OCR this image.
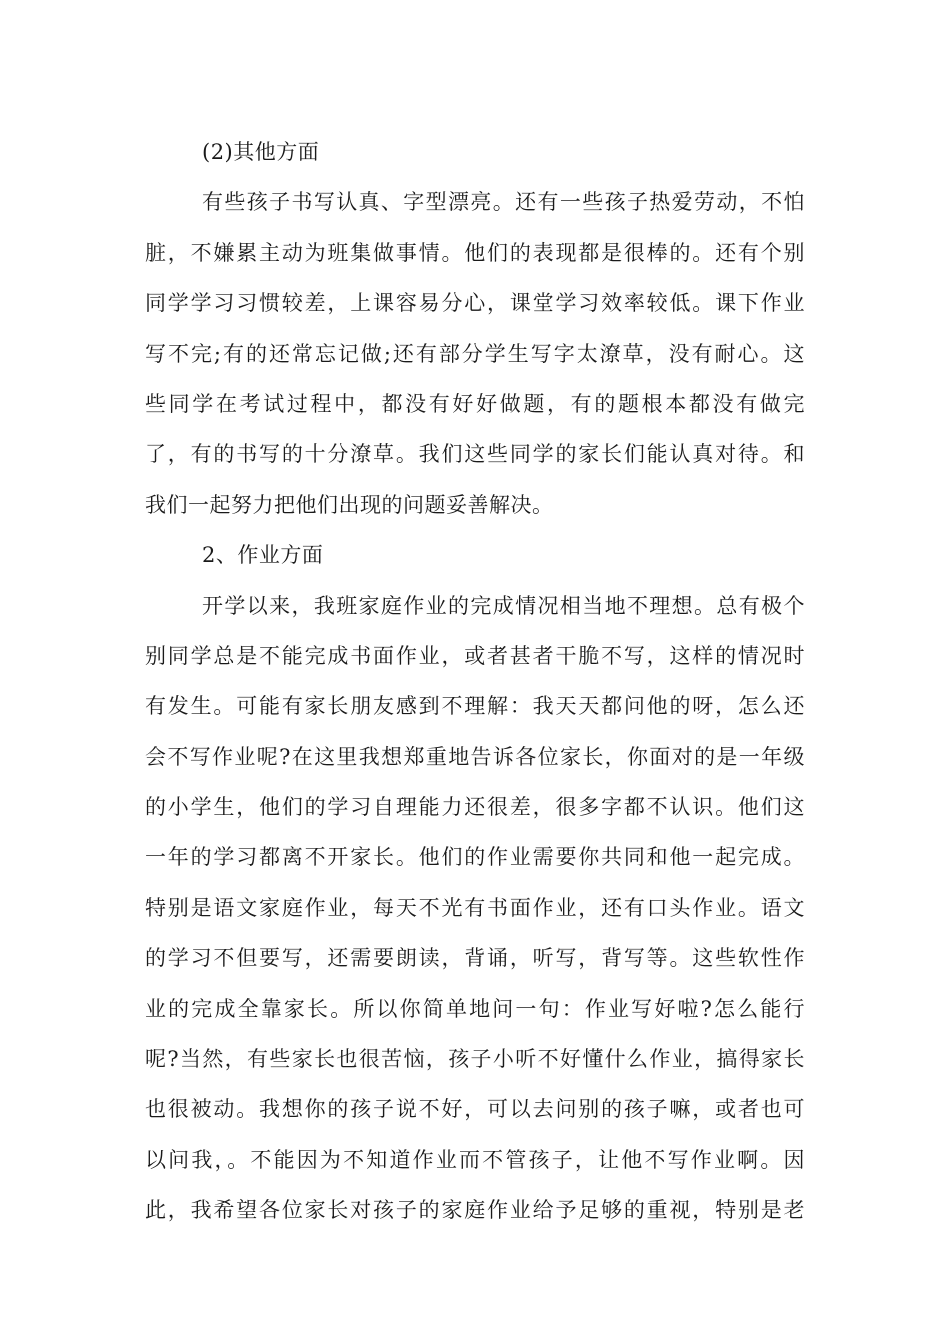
(2)其他方面
有些孩子书写认真、字型漂亮。还有一些孩子热爱劳动，不怕
脏，不嫌累主动为班集做事情。他们的表现都是很棒的。还有个别
同学学习习惯较差，上课容易分心，课堂学习效率较低。课下作业
写不完;有的还常忘记做;还有部分学生写字太潦草，没有耐心。这
些同学在考试过程中，都没有好好做题，有的题根本都没有做完
了，有的书写的十分潦草。我们这些同学的家长们能认真对待。和
我们一起努力把他们出现的问题妥善解决。
2、作业方面
开学以来，我班家庭作业的完成情况相当地不理想。总有极个
别同学总是不能完成书面作业，或者甚者干脆不写，这样的情况时
有发生。可能有家长朋友感到不理解：我天天都问他的呀，怎么还
会不写作业呢?在这里我想郑重地告诉各位家长，你面对的是一年级
的小学生，他们的学习自理能力还很差，很多字都不认识。他们这
一年的学习都离不开家长。他们的作业需要你共同和他一起完成。
特别是语文家庭作业，每天不光有书面作业，还有口头作业。语文
的学习不但要写，还需要朗读，背诵，听写，背写等。这些软性作
业的完成全靠家长。所以你简单地问一句：作业写好啦?怎么能行
呢?当然，有些家长也很苦恼，孩子小听不好懂什么作业，搞得家长
也很被动。我想你的孩子说不好，可以去问别的孩子嘛，或者也可
以问我，。不能因为不知道作业而不管孩子，让他不写作业啊。因
此，我希望各位家长对孩子的家庭作业给予足够的重视，特别是老
